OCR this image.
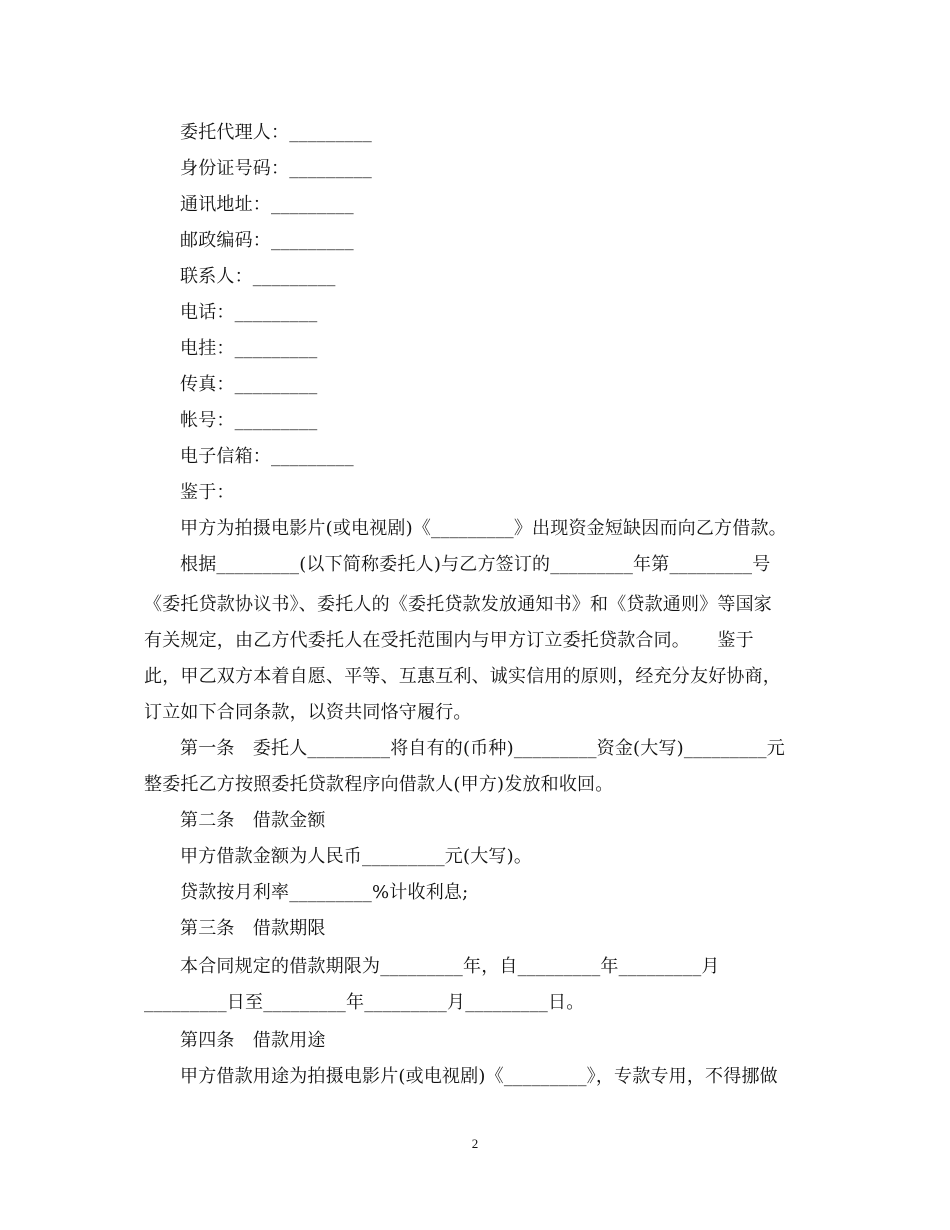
委托代理人：_________
身份证号码：_________
通讯地址：_________
邮政编码：_________
联系人：_________
电话：_________
电挂：_________
传真：_________
帐号：_________
电子信箱：_________
鉴于：
甲方为拍摄电影片(或电视剧)《_________》出现资金短缺因而向乙方借款。
根据_________(以下简称委托人)与乙方签订的_________年第_________号
《委托贷款协议书》、委托人的《委托贷款发放通知书》和《贷款通则》等国家
有关规定，由乙方代委托人在受托范围内与甲方订立委托贷款合同。　　鉴于
此，甲乙双方本着自愿、平等、互惠互利、诚实信用的原则，经充分友好协商，
订立如下合同条款，以资共同恪守履行。
第一条　委托人_________将自有的(币种)_________资金(大写)_________元
整委托乙方按照委托贷款程序向借款人(甲方)发放和收回。
第二条　借款金额
甲方借款金额为人民币_________元(大写)。
贷款按月利率_________%计收利息;
第三条　借款期限
本合同规定的借款期限为_________年，自_________年_________月
_________日至_________年_________月_________日。
第四条　借款用途
甲方借款用途为拍摄电影片(或电视剧)《_________》，专款专用，不得挪做
2
